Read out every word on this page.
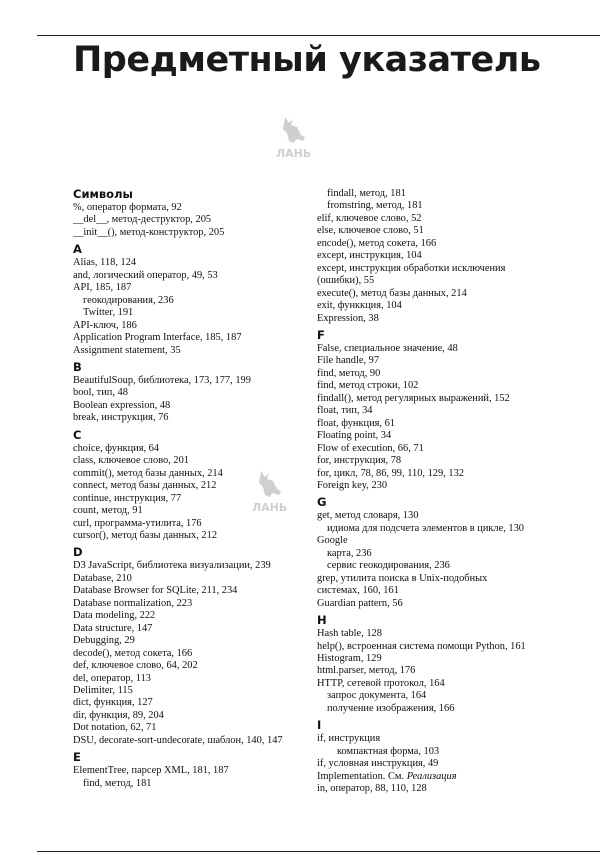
Предметный указатель
ЛАНЬ
ЛАНЬ
Символы
%, оператор формата, 92
__del__, метод-деструктор, 205
__init__(), метод-конструктор, 205
A
Alias, 118, 124
and, логический оператор, 49, 53
API, 185, 187
геокодирования, 236
Twitter, 191
API-ключ, 186
Application Program Interface, 185, 187
Assignment statement, 35
B
BeautifulSoup, библиотека, 173, 177, 199
bool, тип, 48
Boolean expression, 48
break, инструкция, 76
C
choice, функция, 64
class, ключевое слово, 201
commit(), метод базы данных, 214
connect, метод базы данных, 212
continue, инструкция, 77
count, метод, 91
curl, программа-утилита, 176
cursor(), метод базы данных, 212
D
D3 JavaScript, библиотека визуализации, 239
Database, 210
Database Browser for SQLite, 211, 234
Database normalization, 223
Data modeling, 222
Data structure, 147
Debugging, 29
decode(), метод сокета, 166
def, ключевое слово, 64, 202
del, оператор, 113
Delimiter, 115
dict, функция, 127
dir, функция, 89, 204
Dot notation, 62, 71
DSU, decorate-sort-undecorate, шаблон, 140, 147
E
ElementTree, парсер XML, 181, 187
find, метод, 181
findall, метод, 181
fromstring, метод, 181
elif, ключевое слово, 52
else, ключевое слово, 51
encode(), метод сокета, 166
except, инструкция, 104
except, инструкция обработки исключения
(ошибки), 55
execute(), метод базы данных, 214
exit, функкция, 104
Expression, 38
F
False, специальное значение, 48
File handle, 97
find, метод, 90
find, метод строки, 102
findall(), метод регулярных выражений, 152
float, тип, 34
float, функция, 61
Floating point, 34
Flow of execution, 66, 71
for, инструкция, 78
for, цикл, 78, 86, 99, 110, 129, 132
Foreign key, 230
G
get, метод словаря, 130
идиома для подсчета элементов в цикле, 130
Google
карта, 236
сервис геокодирования, 236
grep, утилита поиска в Unix-подобных
системах, 160, 161
Guardian pattern, 56
H
Hash table, 128
help(), встроенная система помощи Python, 161
Histogram, 129
html.parser, метод, 176
HTTP, сетевой протокол, 164
запрос документа, 164
получение изображения, 166
I
if, инструкция
компактная форма, 103
if, условная инструкция, 49
Implementation. См. Реализация
in, оператор, 88, 110, 128
